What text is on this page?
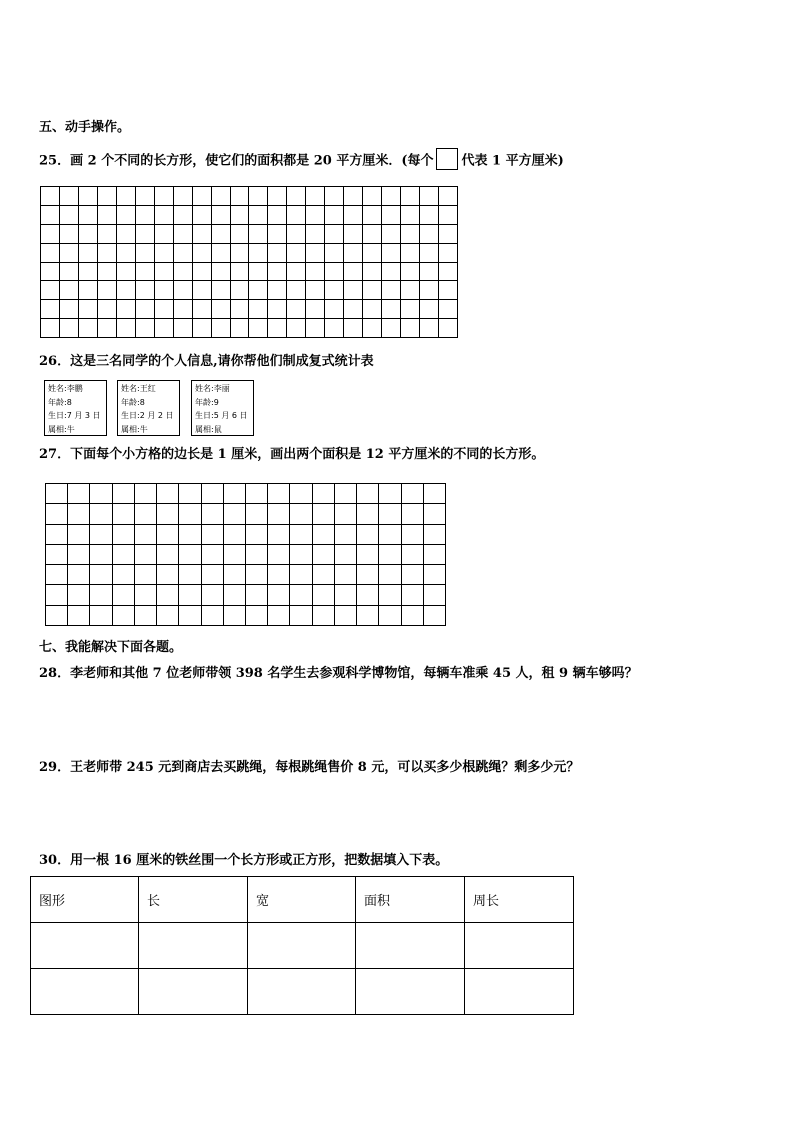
五、动手操作。
25．画 2 个不同的长方形，使它们的面积都是 20 平方厘米．(每个 代表 1 平方厘米)

26．这是三名同学的个人信息,请你帮他们制成复式统计表
姓名:李鹏
年龄:8
生日:7 月 3 日
属相:牛
姓名:王红
年龄:8
生日:2 月 2 日
属相:牛
姓名:李丽
年龄:9
生日:5 月 6 日
属相:鼠
27．下面每个小方格的边长是 1 厘米，画出两个面积是 12 平方厘米的不同的长方形。

七、我能解决下面各题。
28．李老师和其他 7 位老师带领 398 名学生去参观科学博物馆，每辆车准乘 45 人，租 9 辆车够吗？
29．王老师带 245 元到商店去买跳绳，每根跳绳售价 8 元，可以买多少根跳绳？剩多少元？
30．用一根 16 厘米的铁丝围一个长方形或正方形，把数据填入下表。
图形	长	宽	面积	周长
